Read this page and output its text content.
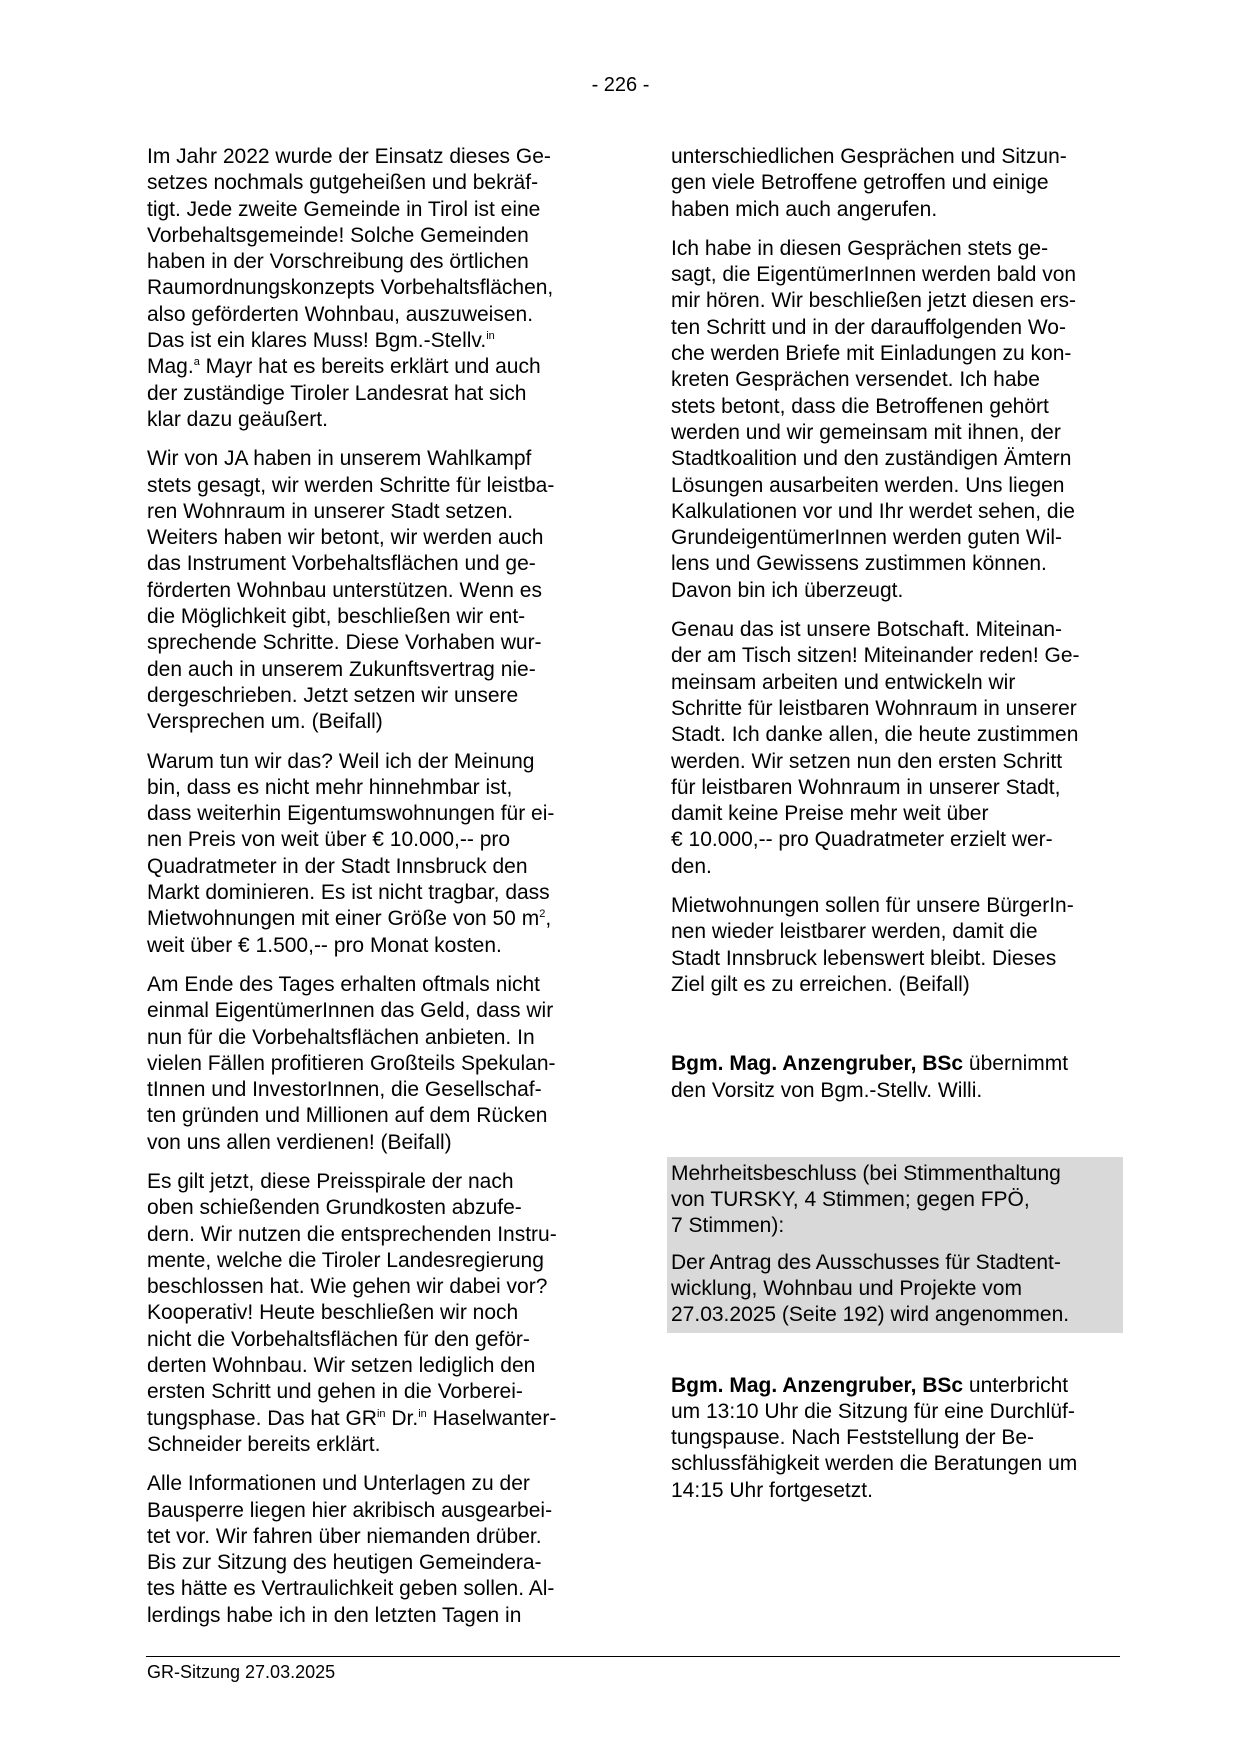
- 226 -

Im Jahr 2022 wurde der Einsatz dieses Ge-
setzes nochmals gutgeheißen und bekräf-
tigt. Jede zweite Gemeinde in Tirol ist eine
Vorbehaltsgemeinde! Solche Gemeinden
haben in der Vorschreibung des örtlichen
Raumordnungskonzepts Vorbehaltsflächen,
also geförderten Wohnbau, auszuweisen.
Das ist ein klares Muss! Bgm.-Stellv.$^{in}$
Mag.$^a$ Mayr hat es bereits erklärt und auch
der zuständige Tiroler Landesrat hat sich
klar dazu geäußert.

Wir von JA haben in unserem Wahlkampf
stets gesagt, wir werden Schritte für leistba-
ren Wohnraum in unserer Stadt setzen.
Weiters haben wir betont, wir werden auch
das Instrument Vorbehaltsflächen und ge-
förderten Wohnbau unterstützen. Wenn es
die Möglichkeit gibt, beschließen wir ent-
sprechende Schritte. Diese Vorhaben wur-
den auch in unserem Zukunftsvertrag nie-
dergeschrieben. Jetzt setzen wir unsere
Versprechen um. (Beifall)

Warum tun wir das? Weil ich der Meinung
bin, dass es nicht mehr hinnehmbar ist,
dass weiterhin Eigentumswohnungen für ei-
nen Preis von weit über € 10.000,-- pro
Quadratmeter in der Stadt Innsbruck den
Markt dominieren. Es ist nicht tragbar, dass
Mietwohnungen mit einer Größe von 50 $m^2$,
weit über € 1.500,-- pro Monat kosten.

Am Ende des Tages erhalten oftmals nicht
einmal EigentümerInnen das Geld, dass wir
nun für die Vorbehaltsflächen anbieten. In
vielen Fällen profitieren Großteils Spekulan-
tInnen und InvestorInnen, die Gesellschaf-
ten gründen und Millionen auf dem Rücken
von uns allen verdienen! (Beifall)

Es gilt jetzt, diese Preisspirale der nach
oben schießenden Grundkosten abzufe-
dern. Wir nutzen die entsprechenden Instru-
mente, welche die Tiroler Landesregierung
beschlossen hat. Wie gehen wir dabei vor?
Kooperativ! Heute beschließen wir noch
nicht die Vorbehaltsflächen für den geför-
derten Wohnbau. Wir setzen lediglich den
ersten Schritt und gehen in die Vorberei-
tungsphase. Das hat $GR^{in}$ Dr.$^{in}$ Haselwanter-
Schneider bereits erklärt.

Alle Informationen und Unterlagen zu der
Bausperre liegen hier akribisch ausgearbei-
tet vor. Wir fahren über niemanden drüber.
Bis zur Sitzung des heutigen Gemeindera-
tes hätte es Vertraulichkeit geben sollen. Al-
lerdings habe ich in den letzten Tagen in

unterschiedlichen Gesprächen und Sitzun-
gen viele Betroffene getroffen und einige
haben mich auch angerufen.

Ich habe in diesen Gesprächen stets ge-
sagt, die EigentümerInnen werden bald von
mir hören. Wir beschließen jetzt diesen ers-
ten Schritt und in der darauffolgenden Wo-
che werden Briefe mit Einladungen zu kon-
kreten Gesprächen versendet. Ich habe
stets betont, dass die Betroffenen gehört
werden und wir gemeinsam mit ihnen, der
Stadtkoalition und den zuständigen Ämtern
Lösungen ausarbeiten werden. Uns liegen
Kalkulationen vor und Ihr werdet sehen, die
GrundeigentümerInnen werden guten Wil-
lens und Gewissens zustimmen können.
Davon bin ich überzeugt.

Genau das ist unsere Botschaft. Miteinan-
der am Tisch sitzen! Miteinander reden! Ge-
meinsam arbeiten und entwickeln wir
Schritte für leistbaren Wohnraum in unserer
Stadt. Ich danke allen, die heute zustimmen
werden. Wir setzen nun den ersten Schritt
für leistbaren Wohnraum in unserer Stadt,
damit keine Preise mehr weit über
€ 10.000,-- pro Quadratmeter erzielt wer-
den.

Mietwohnungen sollen für unsere BürgerIn-
nen wieder leistbarer werden, damit die
Stadt Innsbruck lebenswert bleibt. Dieses
Ziel gilt es zu erreichen. (Beifall)

Bgm. Mag. Anzengruber, BSc übernimmt
den Vorsitz von Bgm.-Stellv. Willi.

Mehrheitsbeschluss (bei Stimmenthaltung
von TURSKY, 4 Stimmen; gegen FPÖ,
7 Stimmen):

Der Antrag des Ausschusses für Stadtent-
wicklung, Wohnbau und Projekte vom
27.03.2025 (Seite 192) wird angenommen.

Bgm. Mag. Anzengruber, BSc unterbricht
um 13:10 Uhr die Sitzung für eine Durchlüf-
tungspause. Nach Feststellung der Be-
schlussfähigkeit werden die Beratungen um
14:15 Uhr fortgesetzt.

GR-Sitzung 27.03.2025
